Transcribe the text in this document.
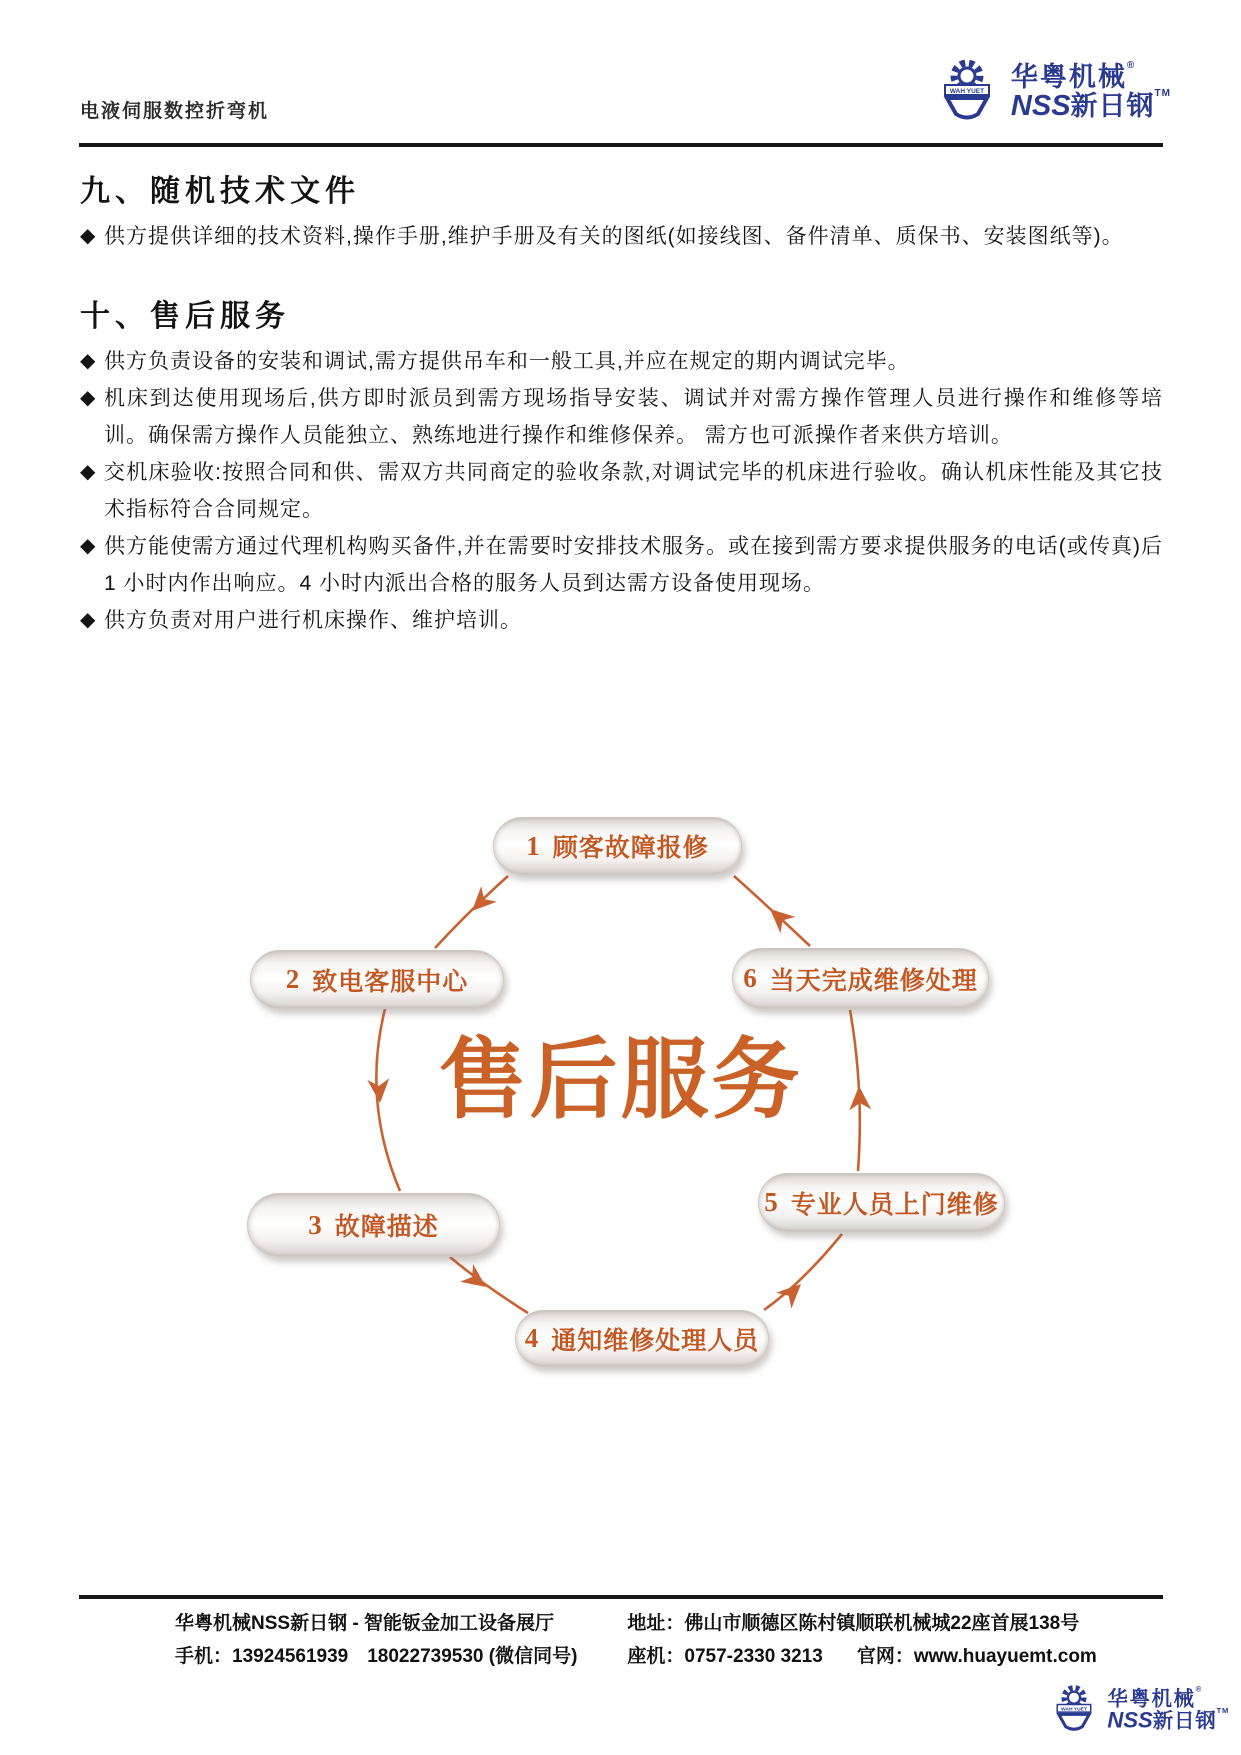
电液伺服数控折弯机
WAH YUET 华粤机械®
NSS新日钢™
九、随机技术文件

◆ 供方提供详细的技术资料,操作手册,维护手册及有关的图纸(如接线图、备件清单、质保书、安装图纸等)。

十、售后服务

◆ 供方负责设备的安装和调试,需方提供吊车和一般工具,并应在规定的期内调试完毕。

◆ 机床到达使用现场后,供方即时派员到需方现场指导安装、调试并对需方操作管理人员进行操作和维修等培训。确保需方操作人员能独立、熟练地进行操作和维修保养。 需方也可派操作者来供方培训。

◆ 交机床验收:按照合同和供、需双方共同商定的验收条款,对调试完毕的机床进行验收。确认机床性能及其它技术指标符合合同规定。

◆ 供方能使需方通过代理机构购买备件,并在需要时安排技术服务。或在接到需方要求提供服务的电话(或传真)后 1 小时内作出响应。4 小时内派出合格的服务人员到达需方设备使用现场。

◆ 供方负责对用户进行机床操作、维护培训。

售后服务
1 顾客故障报修
2 致电客服中心
3 故障描述
4 通知维修处理人员
5 专业人员上门维修
6 当天完成维修处理
华粤机械NSS新日钢 - 智能钣金加工设备展厅
手机：13924561939　18022739530 (微信同号)
地址：佛山市顺德区陈村镇顺联机械城22座首展138号
座机：0757-2330 3213 官网：www.huayuemt.com
WAH YUET
华粤机械®
NSS新日钢™
